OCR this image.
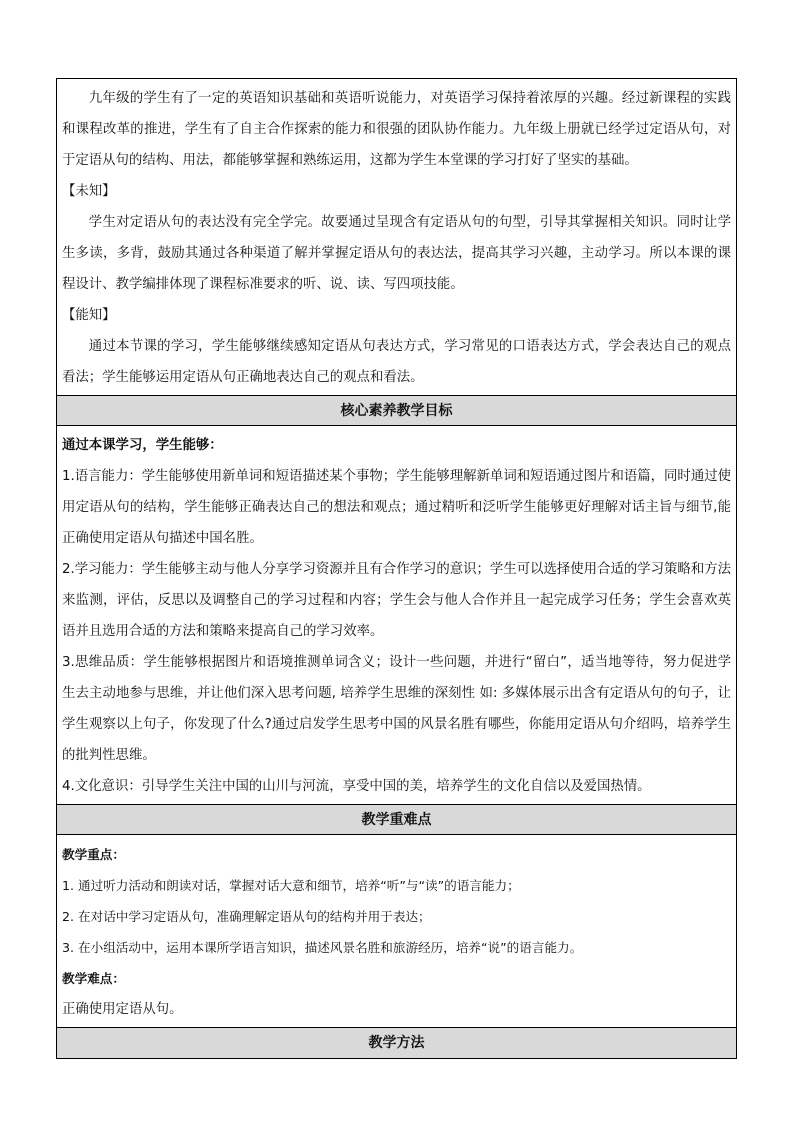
九年级的学生有了一定的英语知识基础和英语听说能力，对英语学习保持着浓厚的兴趣。经过新课程的实践和课程改革的推进，学生有了自主合作探索的能力和很强的团队协作能力。九年级上册就已经学过定语从句，对于定语从句的结构、用法，都能够掌握和熟练运用，这都为学生本堂课的学习打好了坚实的基础。

【未知】

学生对定语从句的表达没有完全学完。故要通过呈现含有定语从句的句型，引导其掌握相关知识。同时让学生多读，多背，鼓励其通过各种渠道了解并掌握定语从句的表达法，提高其学习兴趣，主动学习。所以本课的课程设计、教学编排体现了课程标准要求的听、说、读、写四项技能。

【能知】

通过本节课的学习，学生能够继续感知定语从句表达方式，学习常见的口语表达方式，学会表达自己的观点看法；学生能够运用定语从句正确地表达自己的观点和看法。

核心素养教学目标

通过本课学习，学生能够：

1.语言能力：学生能够使用新单词和短语描述某个事物；学生能够理解新单词和短语通过图片和语篇，同时通过使用定语从句的结构，学生能够正确表达自己的想法和观点；通过精听和泛听学生能够更好理解对话主旨与细节,能正确使用定语从句描述中国名胜。

2.学习能力：学生能够主动与他人分享学习资源并且有合作学习的意识；学生可以选择使用合适的学习策略和方法来监测，评估，反思以及调整自己的学习过程和内容；学生会与他人合作并且一起完成学习任务；学生会喜欢英语并且选用合适的方法和策略来提高自己的学习效率。

3.思维品质：学生能够根据图片和语境推测单词含义；设计一些问题，并进行“留白”，适当地等待，努力促进学生去主动地参与思维，并让他们深入思考问题, 培养学生思维的深刻性 如: 多媒体展示出含有定语从句的句子，让学生观察以上句子，你发现了什么?通过启发学生思考中国的风景名胜有哪些，你能用定语从句介绍吗，培养学生的批判性思维。

4.文化意识：引导学生关注中国的山川与河流，享受中国的美，培养学生的文化自信以及爱国热情。

教学重难点

教学重点：

1. 通过听力活动和朗读对话，掌握对话大意和细节，培养“听”与“读”的语言能力；

2. 在对话中学习定语从句，准确理解定语从句的结构并用于表达；

3. 在小组活动中，运用本课所学语言知识，描述风景名胜和旅游经历，培养“说”的语言能力。

教学难点：

正确使用定语从句。

教学方法
